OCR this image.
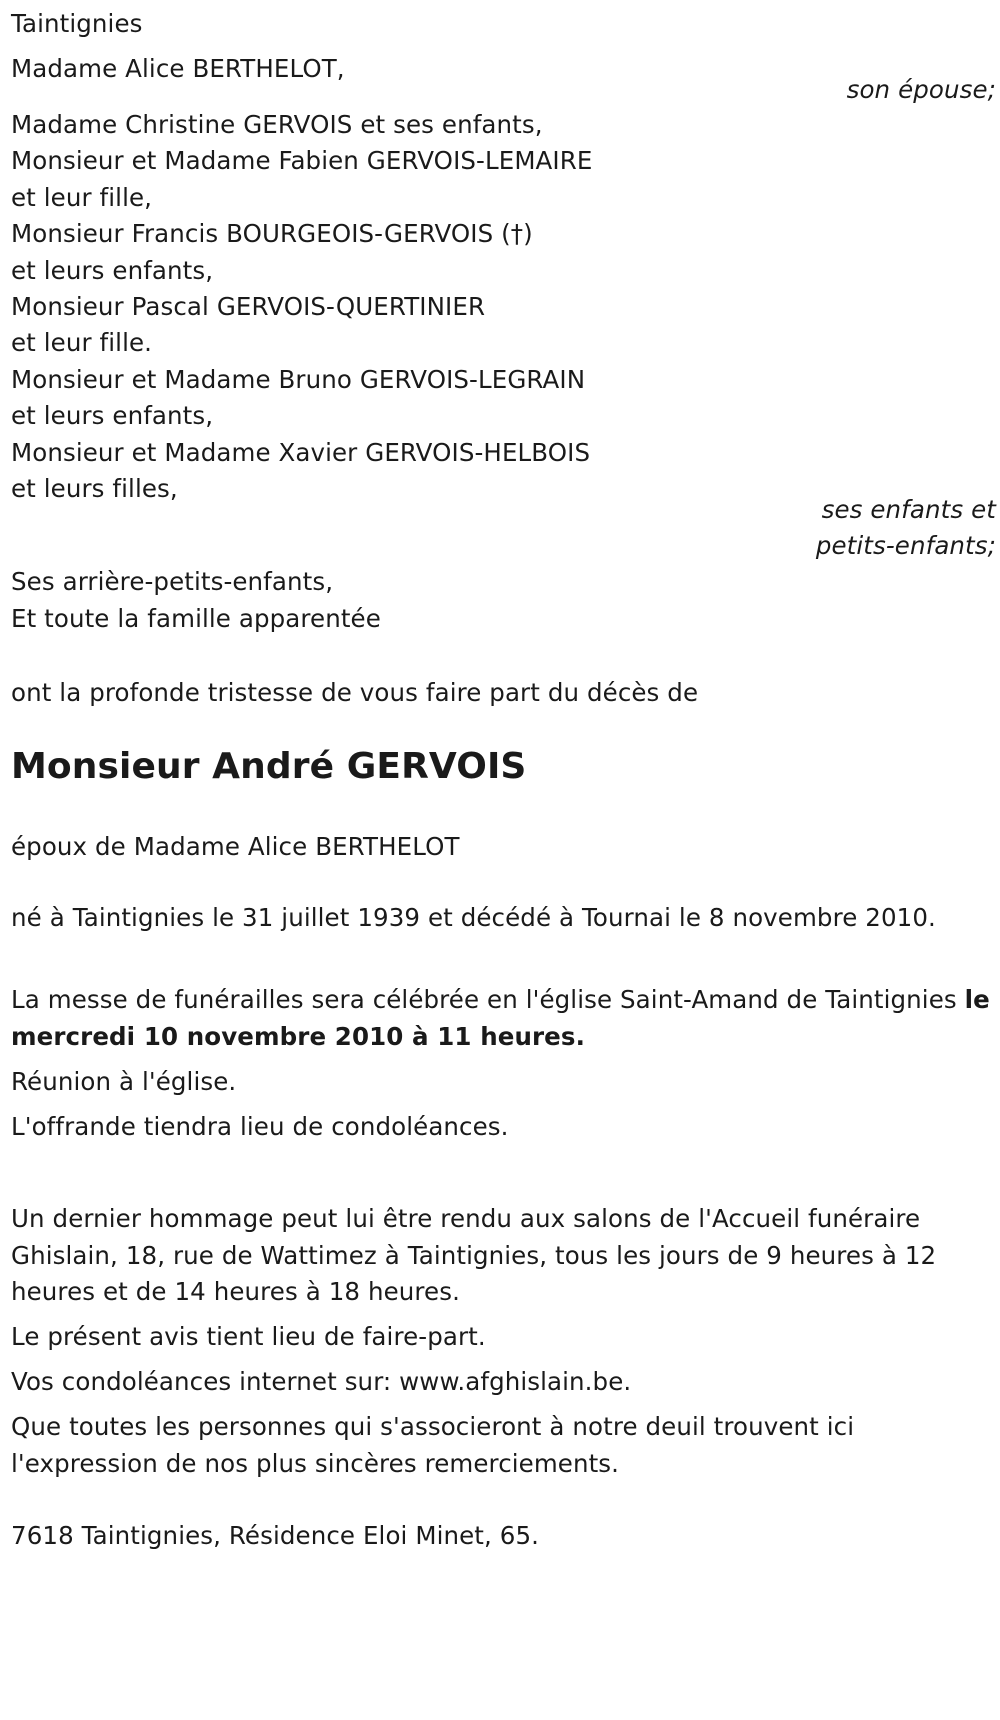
Taintignies
Madame Alice BERTHELOT,
son épouse;
Madame Christine GERVOIS et ses enfants,
Monsieur et Madame Fabien GERVOIS-LEMAIRE
et leur fille,
Monsieur Francis BOURGEOIS-GERVOIS (†)
et leurs enfants,
Monsieur Pascal GERVOIS-QUERTINIER
et leur fille.
Monsieur et Madame Bruno GERVOIS-LEGRAIN
et leurs enfants,
Monsieur et Madame Xavier GERVOIS-HELBOIS
et leurs filles,
ses enfants et
petits-enfants;
Ses arrière-petits-enfants,
Et toute la famille apparentée
ont la profonde tristesse de vous faire part du décès de
Monsieur André GERVOIS
époux de Madame Alice BERTHELOT
né à Taintignies le 31 juillet 1939 et décédé à Tournai le 8 novembre 2010.
La messe de funérailles sera célébrée en l'église Saint-Amand de Taintignies le mercredi 10 novembre 2010 à 11 heures.
Réunion à l'église.
L'offrande tiendra lieu de condoléances.
Un dernier hommage peut lui être rendu aux salons de l'Accueil funéraire Ghislain, 18, rue de Wattimez à Taintignies, tous les jours de 9 heures à 12 heures et de 14 heures à 18 heures.
Le présent avis tient lieu de faire-part.
Vos condoléances internet sur: www.afghislain.be.
Que toutes les personnes qui s'associeront à notre deuil trouvent ici l'expression de nos plus sincères remerciements.
7618 Taintignies, Résidence Eloi Minet, 65.
